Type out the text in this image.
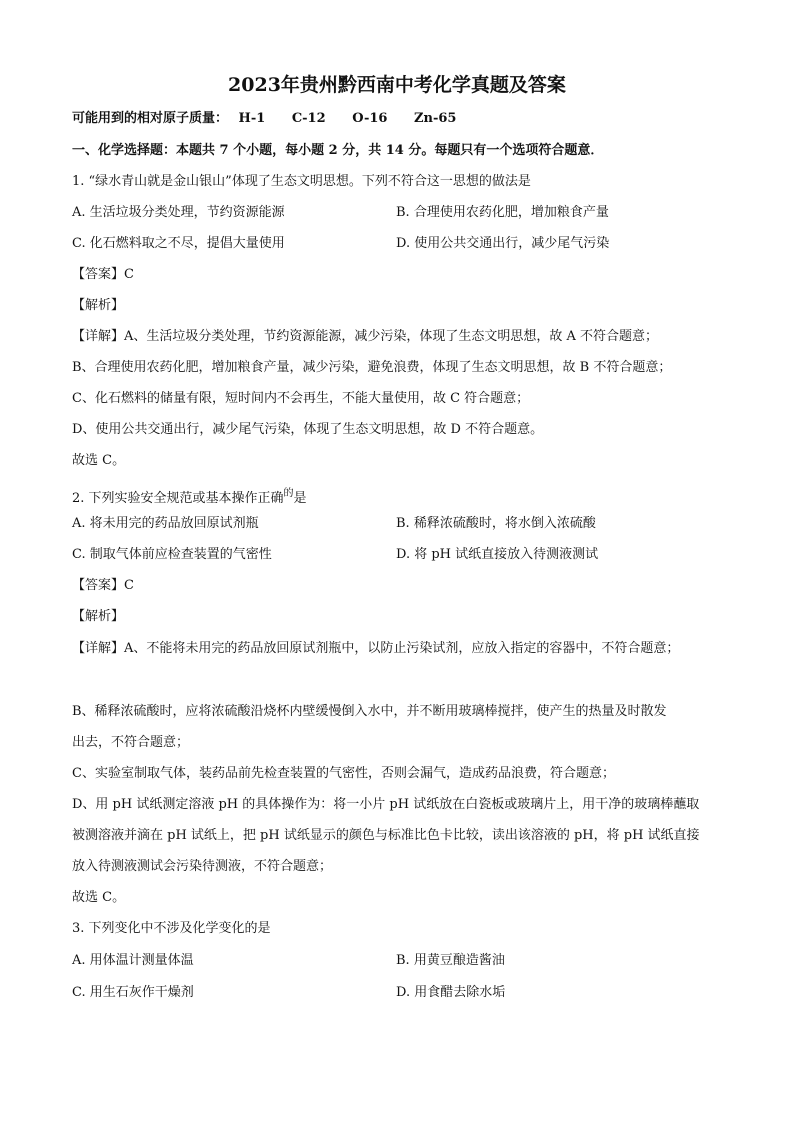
2023年贵州黔西南中考化学真题及答案
可能用到的相对原子质量： H-1 C-12 O-16 Zn-65
一、化学选择题：本题共 7 个小题，每小题 2 分，共 14 分。每题只有一个选项符合题意．
1. “绿水青山就是金山银山”体现了生态文明思想。下列不符合这一思想的做法是
A. 生活垃圾分类处理，节约资源能源	B. 合理使用农药化肥，增加粮食产量
C. 化石燃料取之不尽，提倡大量使用	D. 使用公共交通出行，减少尾气污染
【答案】C
【解析】
【详解】A、生活垃圾分类处理，节约资源能源，减少污染，体现了生态文明思想，故 A 不符合题意；
B、合理使用农药化肥，增加粮食产量，减少污染，避免浪费，体现了生态文明思想，故 B 不符合题意；
C、化石燃料的储量有限，短时间内不会再生，不能大量使用，故 C 符合题意；
D、使用公共交通出行，减少尾气污染，体现了生态文明思想，故 D 不符合题意。
故选 C。
2. 下列实验安全规范或基本操作正确$^的$是
A. 将未用完的药品放回原试剂瓶	B. 稀释浓硫酸时，将水倒入浓硫酸
C. 制取气体前应检查装置的气密性	D. 将 pH 试纸直接放入待测液测试
【答案】C
【解析】
【详解】A、不能将未用完的药品放回原试剂瓶中，以防止污染试剂，应放入指定的容器中，不符合题意；
B、稀释浓硫酸时，应将浓硫酸沿烧杯内壁缓慢倒入水中，并不断用玻璃棒搅拌，使产生的热量及时散发
出去，不符合题意；
C、实验室制取气体，装药品前先检查装置的气密性，否则会漏气，造成药品浪费，符合题意；
D、用 pH 试纸测定溶液 pH 的具体操作为：将一小片 pH 试纸放在白瓷板或玻璃片上，用干净的玻璃棒蘸取
被测溶液并滴在 pH 试纸上，把 pH 试纸显示的颜色与标准比色卡比较，读出该溶液的 pH，将 pH 试纸直接
放入待测液测试会污染待测液，不符合题意；
故选 C。
3. 下列变化中不涉及化学变化的是
A. 用体温计测量体温	B. 用黄豆酿造酱油
C. 用生石灰作干燥剂	D. 用食醋去除水垢
